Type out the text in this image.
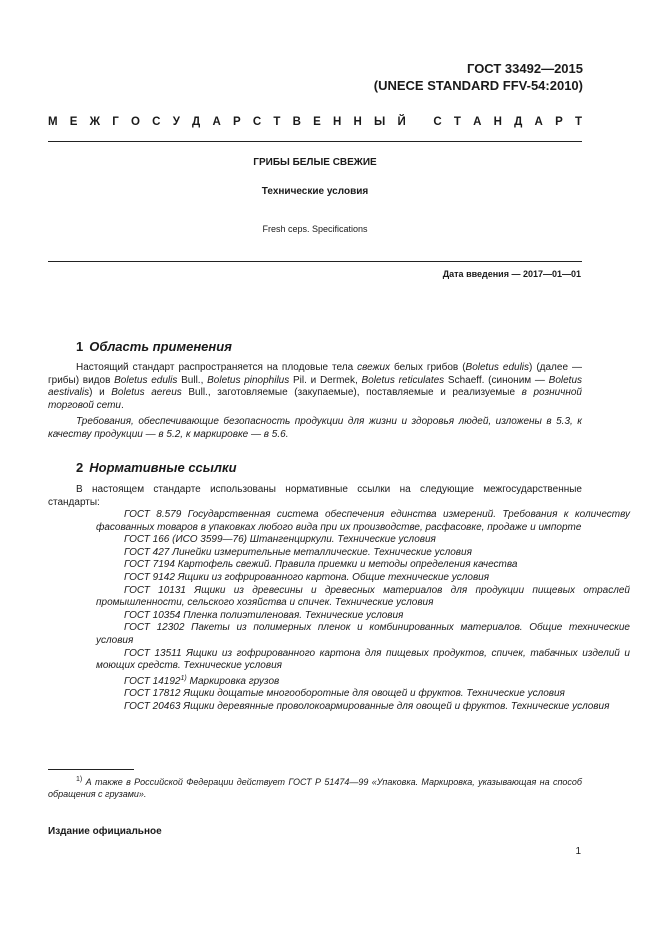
ГОСТ 33492—2015
(UNECE STANDARD FFV-54:2010)
М Е Ж Г О С У Д А Р С Т В Е Н Н Ы Й
С Т А Н Д А Р Т
ГРИБЫ БЕЛЫЕ СВЕЖИЕ
Технические условия
Fresh ceps. Specifications
Дата введения — 2017—01—01
1 Область применения
Настоящий стандарт распространяется на плодовые тела свежих белых грибов (Boletus edulis) (далее — грибы) видов Boletus edulis Bull., Boletus pinophilus Pil. и Dermek, Boletus reticulates Schaeff. (синоним — Boletus aestivalis) и Boletus aereus Bull., заготовляемые (закупаемые), поставляемые и реализуемые в розничной торговой сети.
Требования, обеспечивающие безопасность продукции для жизни и здоровья людей, изложены в 5.3, к качеству продукции — в 5.2, к маркировке — в 5.6.
2 Нормативные ссылки
В настоящем стандарте использованы нормативные ссылки на следующие межгосударственные стандарты:
ГОСТ 8.579 Государственная система обеспечения единства измерений. Требования к количеству фасованных товаров в упаковках любого вида при их производстве, расфасовке, продаже и импорте
ГОСТ 166 (ИСО 3599—76) Штангенциркули. Технические условия
ГОСТ 427 Линейки измерительные металлические. Технические условия
ГОСТ 7194 Картофель свежий. Правила приемки и методы определения качества
ГОСТ 9142 Ящики из гофрированного картона. Общие технические условия
ГОСТ 10131 Ящики из древесины и древесных материалов для продукции пищевых отраслей промышленности, сельского хозяйства и спичек. Технические условия
ГОСТ 10354 Пленка полиэтиленовая. Технические условия
ГОСТ 12302 Пакеты из полимерных пленок и комбинированных материалов. Общие технические условия
ГОСТ 13511 Ящики из гофрированного картона для пищевых продуктов, спичек, табачных изделий и моющих средств. Технические условия
ГОСТ 14192$^{1)}$ Маркировка грузов
ГОСТ 17812 Ящики дощатые многооборотные для овощей и фруктов. Технические условия
ГОСТ 20463 Ящики деревянные проволокоармированные для овощей и фруктов. Технические условия
$^{1)}$ А также в Российской Федерации действует ГОСТ Р 51474—99 «Упаковка. Маркировка, указывающая на способ обращения с грузами».
Издание официальное
1
